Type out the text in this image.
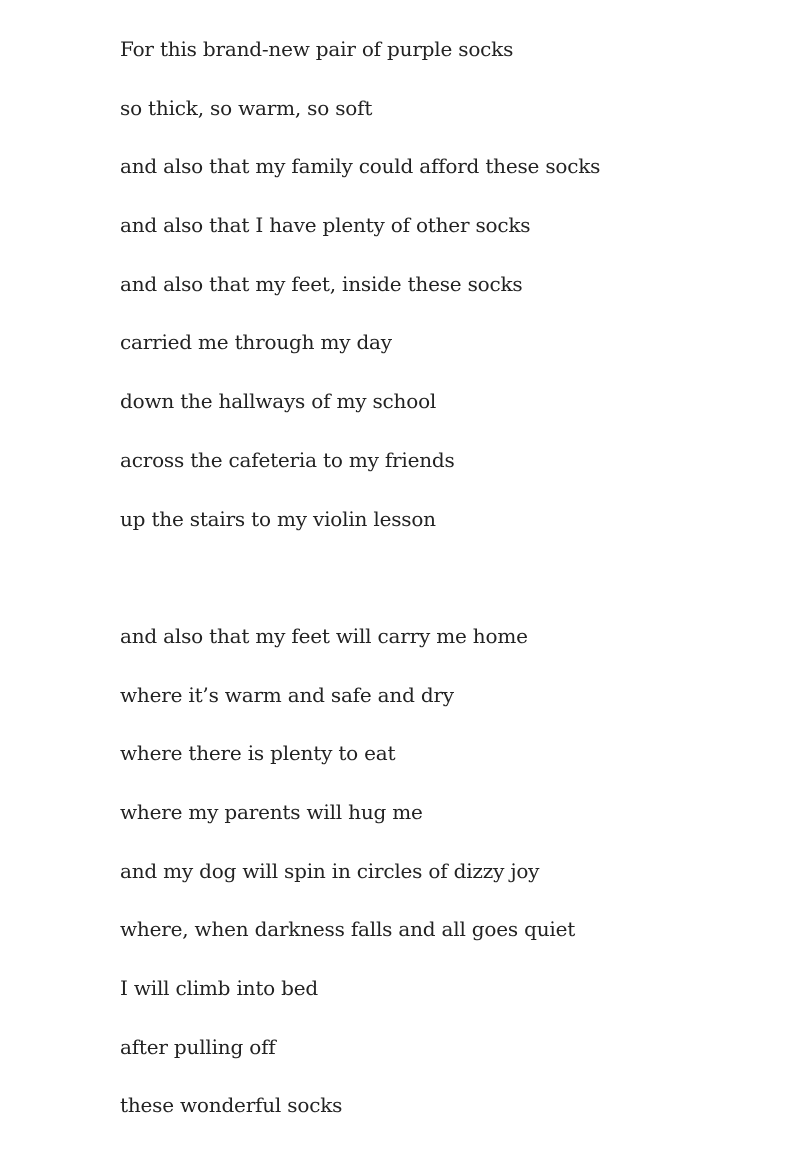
For this brand-new pair of purple socks
so thick, so warm, so soft
and also that my family could afford these socks
and also that I have plenty of other socks
and also that my feet, inside these socks
carried me through my day
down the hallways of my school
across the cafeteria to my friends
up the stairs to my violin lesson
and also that my feet will carry me home
where it’s warm and safe and dry
where there is plenty to eat
where my parents will hug me
and my dog will spin in circles of dizzy joy
where, when darkness falls and all goes quiet
I will climb into bed
after pulling off
these wonderful socks
